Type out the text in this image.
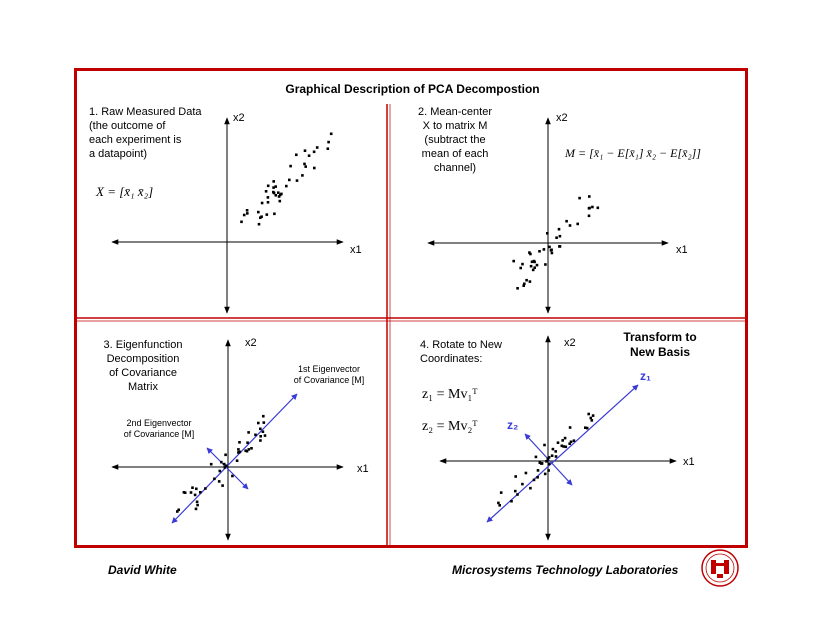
Graphical Description of PCA Decompostion
1. Raw Measured Data
(the outcome of
each experiment is
a datapoint)
X = [x̄₁ x̄₂]
x2
x1
2. Mean-center
X to matrix M
(subtract the
mean of each
channel)
M = [x̄₁ − E[x̄₁] x̄₂ − E[x̄₂]]
x2
x1
3. Eigenfunction
Decomposition
of Covariance
Matrix
1st Eigenvector
of Covariance [M]
2nd Eigenvector
of Covariance [M]
x2
x1
4. Rotate to New
Coordinates:
Transform to
New Basis
z₁ = Mv₁ᵀ
z₂ = Mv₂ᵀ
z₁
z₂
x2
x1
David White	Microsystems Technology Laboratories
